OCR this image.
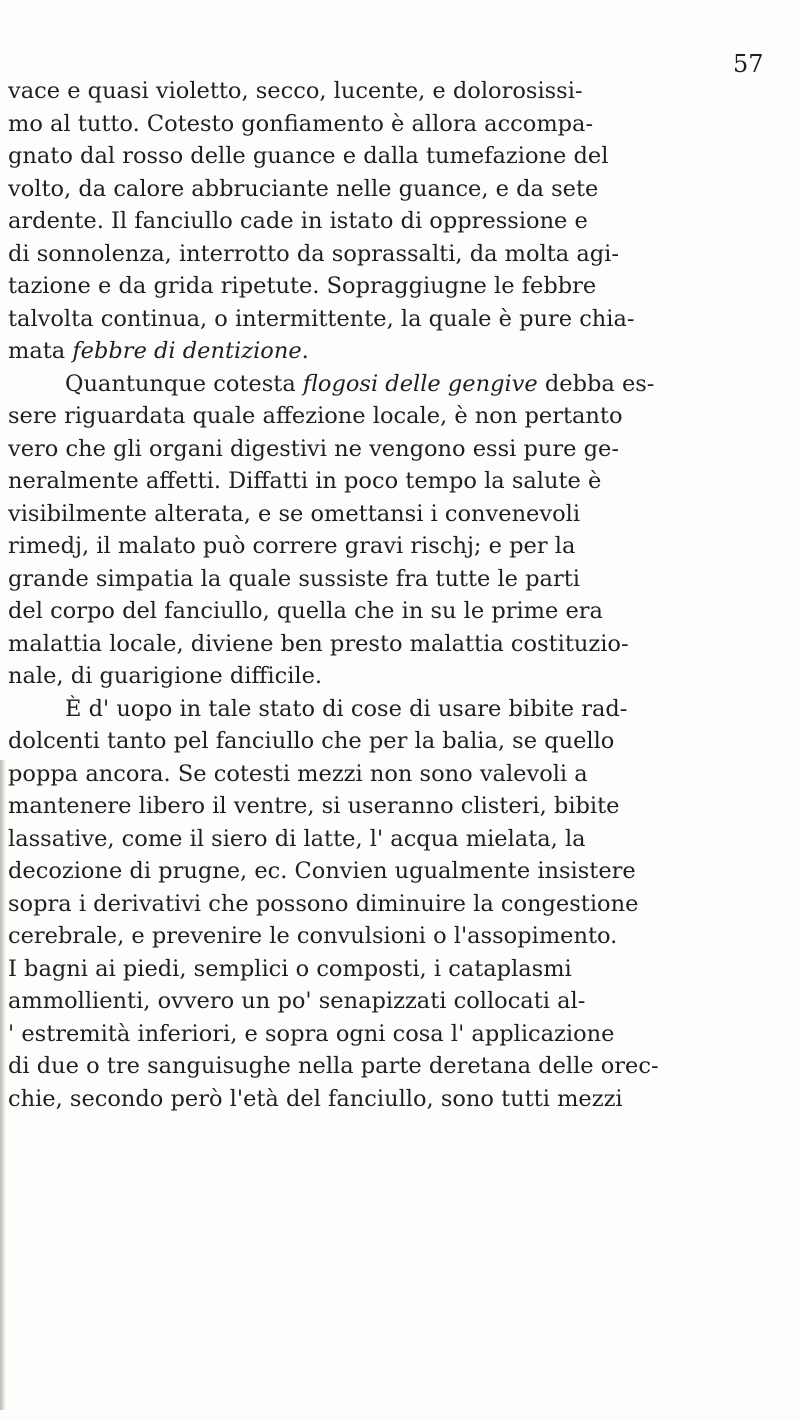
57
vace e quasi violetto, secco, lucente, e dolorosissi-
mo al tutto. Cotesto gonfiamento è allora accompa-
gnato dal rosso delle guance e dalla tumefazione del
volto, da calore abbruciante nelle guance, e da sete
ardente. Il fanciullo cade in istato di oppressione e
di sonnolenza, interrotto da soprassalti, da molta agi-
tazione e da grida ripetute. Sopraggiugne le febbre
talvolta continua, o intermittente, la quale è pure chia-
mata febbre di dentizione.
Quantunque cotesta flogosi delle gengive debba es-
sere riguardata quale affezione locale, è non pertanto
vero che gli organi digestivi ne vengono essi pure ge-
neralmente affetti. Diffatti in poco tempo la salute è
visibilmente alterata, e se omettansi i convenevoli
rimedj, il malato può correre gravi rischj; e per la
grande simpatia la quale sussiste fra tutte le parti
del corpo del fanciullo, quella che in su le prime era
malattia locale, diviene ben presto malattia costituzio-
nale, di guarigione difficile.
È d' uopo in tale stato di cose di usare bibite rad-
dolcenti tanto pel fanciullo che per la balia, se quello
poppa ancora. Se cotesti mezzi non sono valevoli a
mantenere libero il ventre, si useranno clisteri, bibite
lassative, come il siero di latte, l' acqua mielata, la
decozione di prugne, ec. Convien ugualmente insistere
sopra i derivativi che possono diminuire la congestione
cerebrale, e prevenire le convulsioni o l'assopimento.
I bagni ai piedi, semplici o composti, i cataplasmi
ammollienti, ovvero un po' senapizzati collocati al-
' estremità inferiori, e sopra ogni cosa l' applicazione
di due o tre sanguisughe nella parte deretana delle orec-
chie, secondo però l'età del fanciullo, sono tutti mezzi
